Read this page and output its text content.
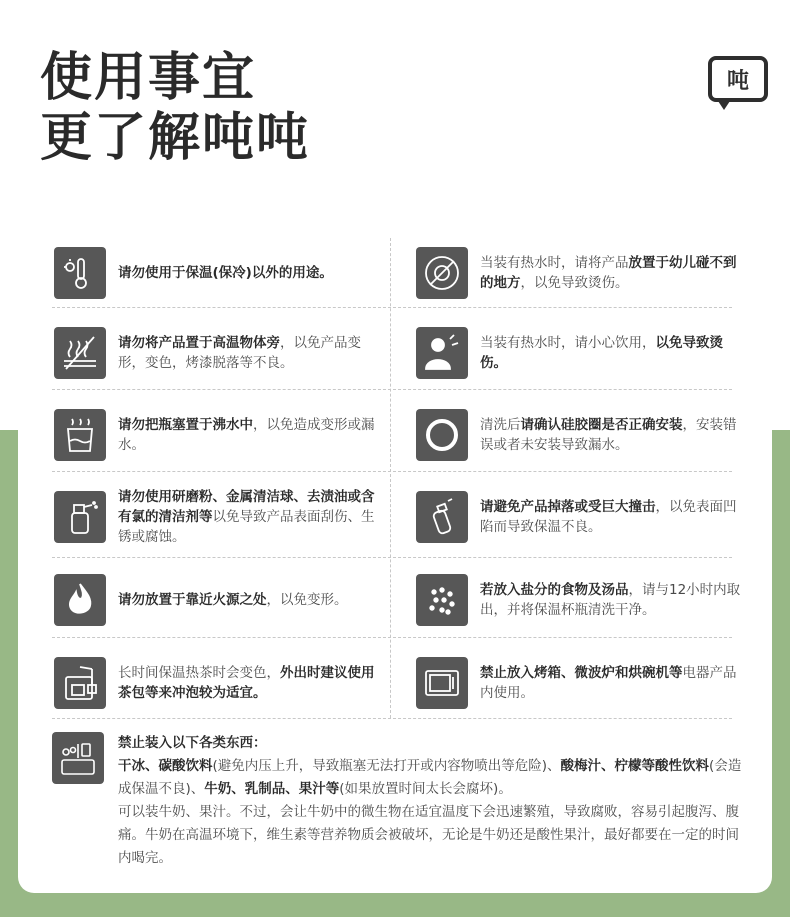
使用事宜
更了解吨吨
吨
请勿使用于保温(保冷)以外的用途。
请勿将产品置于高温物体旁，以免产品变形，变色，烤漆脱落等不良。
请勿把瓶塞置于沸水中，以免造成变形或漏水。
请勿使用研磨粉、金属清洁球、去渍油或含有氯的清洁剂等以免导致产品表面刮伤、生锈或腐蚀。
请勿放置于靠近火源之处，以免变形。
长时间保温热茶时会变色，外出时建议使用茶包等来冲泡较为适宜。
当装有热水时，请将产品放置于幼儿碰不到的地方，以免导致烫伤。
当装有热水时，请小心饮用，以免导致烫伤。
清洗后请确认硅胶圈是否正确安装，安装错误或者未安装导致漏水。
请避免产品掉落或受巨大撞击，以免表面凹陷而导致保温不良。
若放入盐分的食物及汤品，请与12小时内取出，并将保温杯瓶清洗干净。
禁止放入烤箱、微波炉和烘碗机等电器产品内使用。
禁止装入以下各类东西：
干冰、碳酸饮料(避免内压上升，导致瓶塞无法打开或内容物喷出等危险)、酸梅汁、柠檬等酸性饮料(会造成保温不良)、牛奶、乳制品、果汁等(如果放置时间太长会腐坏)。
可以装牛奶、果汁。不过，会让牛奶中的微生物在适宜温度下会迅速繁殖，导致腐败，容易引起腹泻、腹痛。牛奶在高温环境下，维生素等营养物质会被破坏，无论是牛奶还是酸性果汁，最好都要在一定的时间内喝完。
